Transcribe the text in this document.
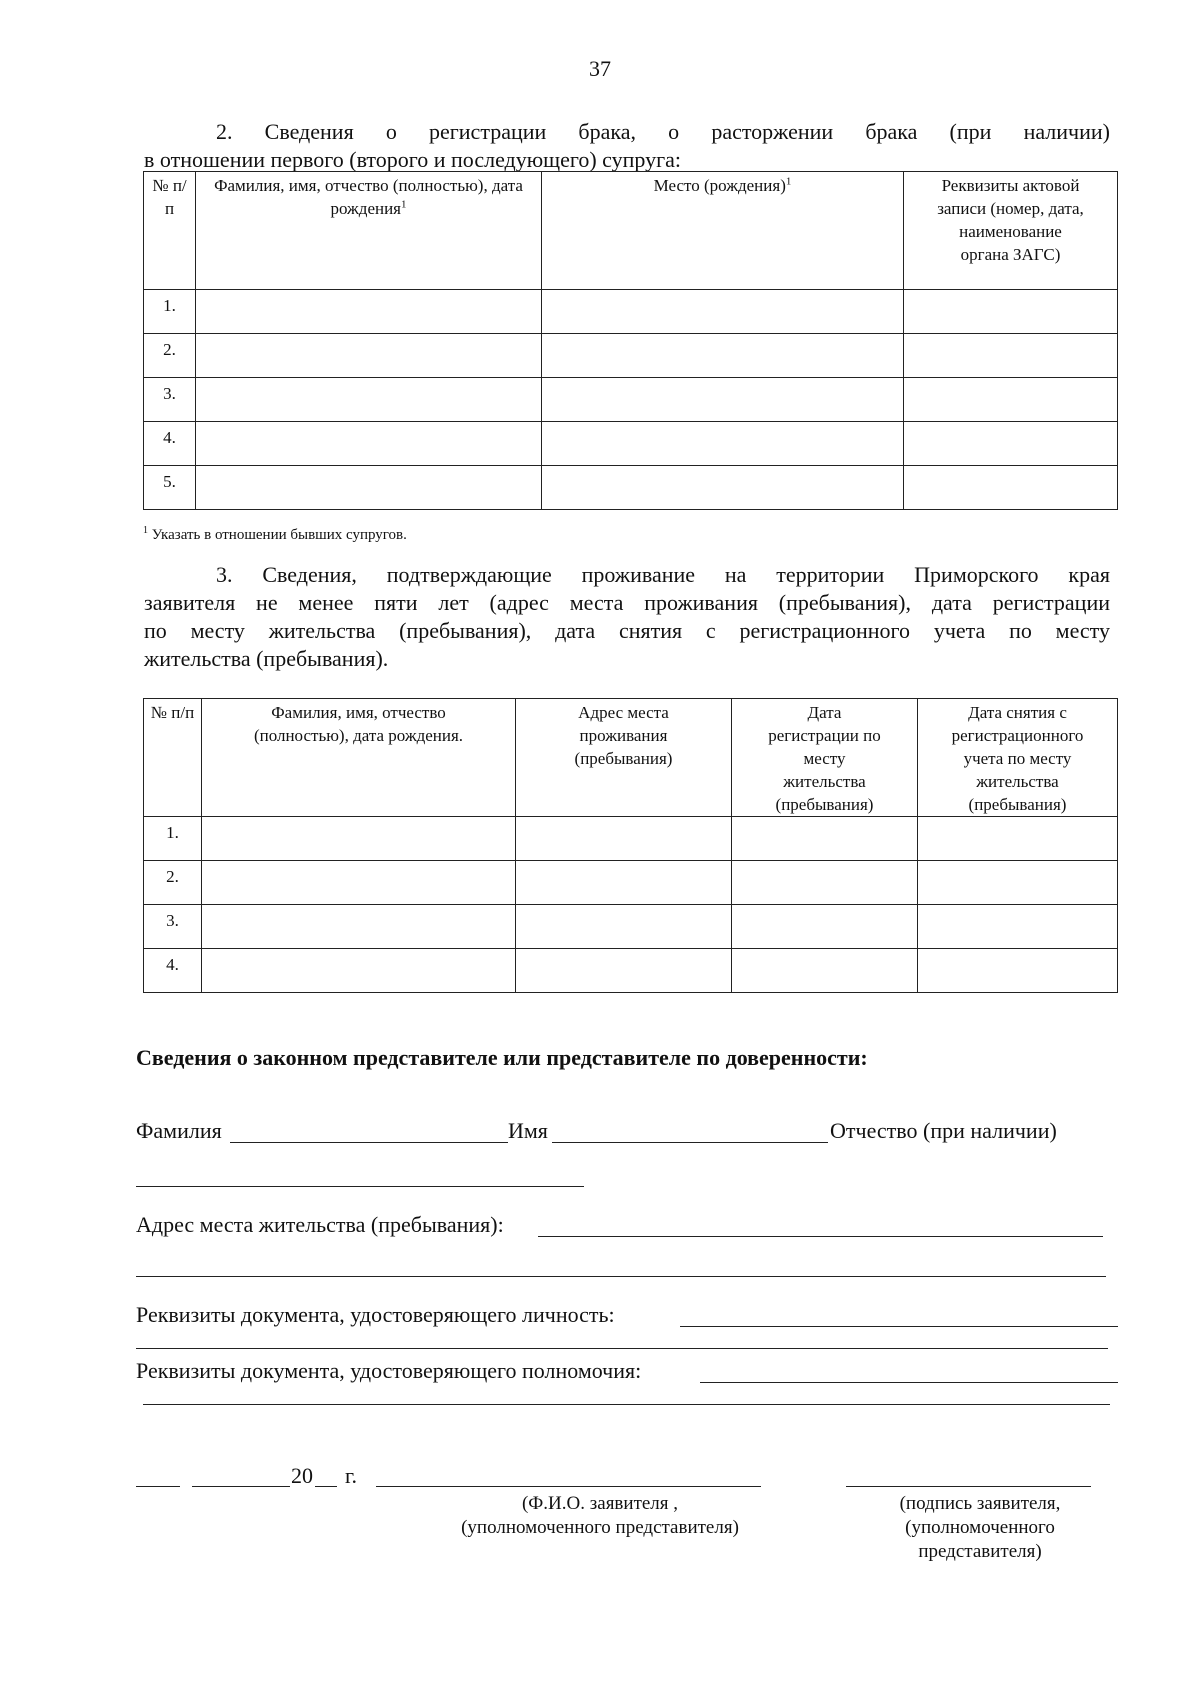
37
2. Сведения о регистрации брака, о расторжении брака (при наличии)
в отношении первого (второго и последующего) супруга:
№ п/п	Фамилия, имя, отчество (полностью), дата рождения$^1$	Место (рождения)$^1$	Реквизиты актовой записи (номер, дата, наименование органа ЗАГС)
1.			
2.			
3.			
4.			
5.			
$^1$ Указать в отношении бывших супругов.
3. Сведения, подтверждающие проживание на территории Приморского края
заявителя не менее пяти лет (адрес места проживания (пребывания), дата регистрации
по месту жительства (пребывания), дата снятия с регистрационного учета по месту
жительства (пребывания).
№ п/п	Фамилия, имя, отчество (полностью), дата рождения.	Адрес места проживания (пребывания)	Дата регистрации по месту жительства (пребывания)	Дата снятия с регистрационного учета по месту жительства (пребывания)
1.				
2.				
3.				
4.				
Сведения о законном представителе или представителе по доверенности:
Фамилия	Имя	Отчество (при наличии)
Адрес места жительства (пребывания):
Реквизиты документа, удостоверяющего личность:
Реквизиты документа, удостоверяющего полномочия:
20 г.
(Ф.И.О. заявителя ,
(уполномоченного представителя)
(подпись заявителя,
(уполномоченного
представителя)
